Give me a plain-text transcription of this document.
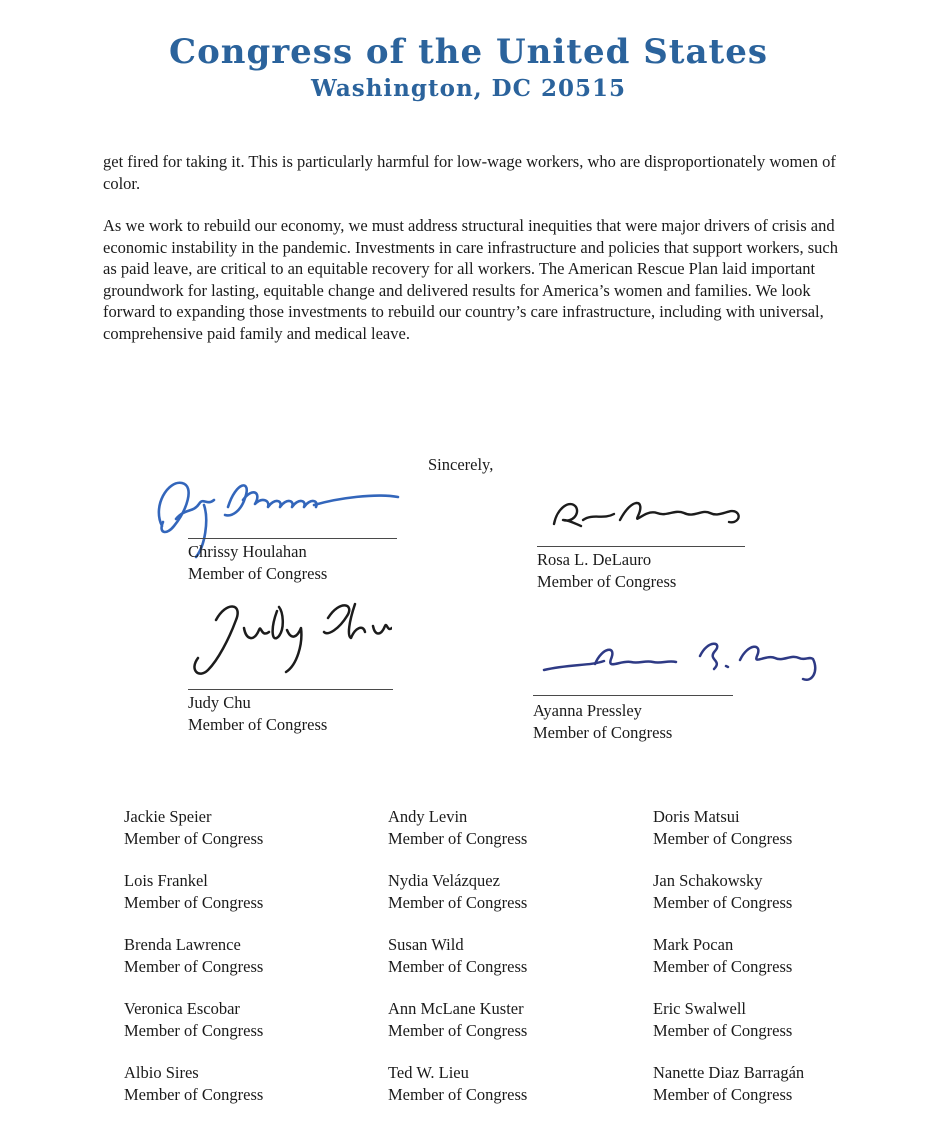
Congress of the United States
Washington, DC 20515
get fired for taking it. This is particularly harmful for low-wage workers, who are disproportionately women of color.
As we work to rebuild our economy, we must address structural inequities that were major drivers of crisis and economic instability in the pandemic. Investments in care infrastructure and policies that support workers, such as paid leave, are critical to an equitable recovery for all workers. The American Rescue Plan laid important groundwork for lasting, equitable change and delivered results for America’s women and families. We look forward to expanding those investments to rebuild our country’s care infrastructure, including with universal, comprehensive paid family and medical leave.
Sincerely,
Chrissy Houlahan
Member of Congress
Rosa L. DeLauro
Member of Congress
Judy Chu
Member of Congress
Ayanna Pressley
Member of Congress
Jackie Speier
Member of Congress
Andy Levin
Member of Congress
Doris Matsui
Member of Congress
Lois Frankel
Member of Congress
Nydia Velázquez
Member of Congress
Jan Schakowsky
Member of Congress
Brenda Lawrence
Member of Congress
Susan Wild
Member of Congress
Mark Pocan
Member of Congress
Veronica Escobar
Member of Congress
Ann McLane Kuster
Member of Congress
Eric Swalwell
Member of Congress
Albio Sires
Member of Congress
Ted W. Lieu
Member of Congress
Nanette Diaz Barragán
Member of Congress
